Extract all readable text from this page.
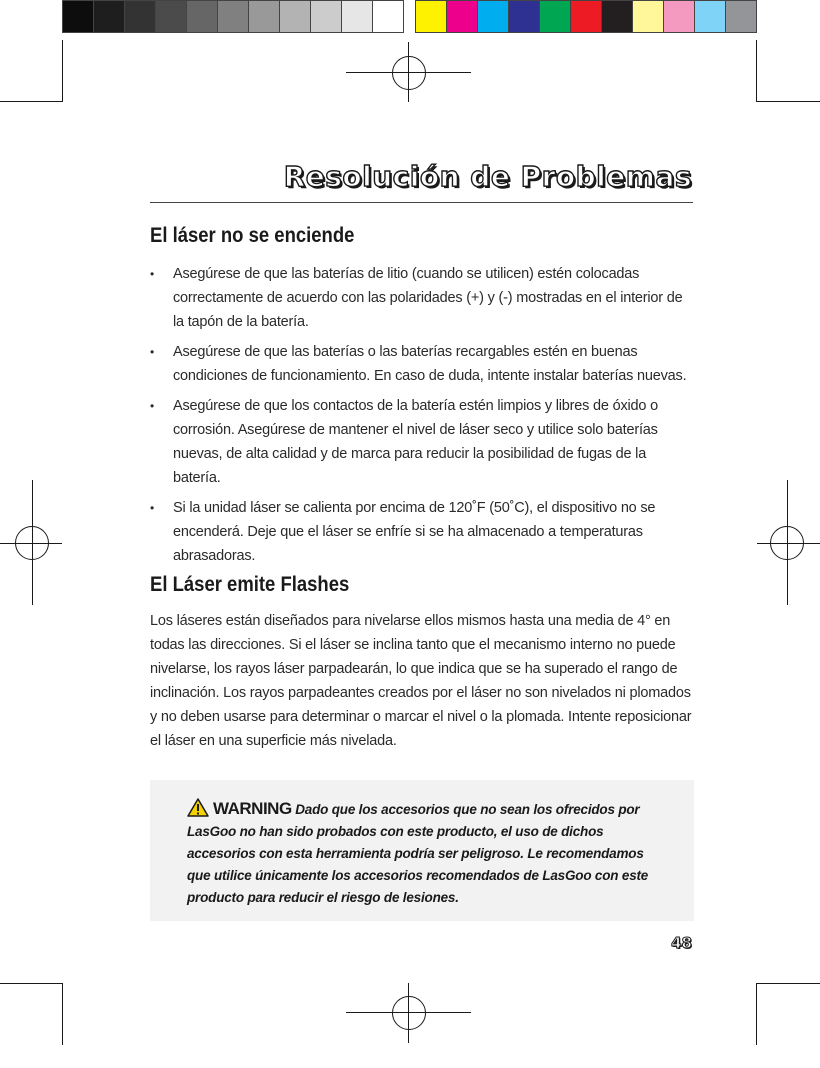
Resolución de Problemas
El láser no se enciende
• Asegúrese de que las baterías de litio (cuando se utilicen) estén colocadas correctamente de acuerdo con las polaridades (+) y (-) mostradas en el interior de la tapón de la batería.
• Asegúrese de que las baterías o las baterías recargables estén en buenas condiciones de funcionamiento. En caso de duda, intente instalar baterías nuevas.
• Asegúrese de que los contactos de la batería estén limpios y libres de óxido o corrosión. Asegúrese de mantener el nivel de láser seco y utilice solo baterías nuevas, de alta calidad y de marca para reducir la posibilidad de fugas de la batería.
• Si la unidad láser se calienta por encima de 120˚F (50˚C), el dispositivo no se encenderá. Deje que el láser se enfríe si se ha almacenado a temperaturas abrasadoras.
El Láser emite Flashes

Los láseres están diseñados para nivelarse ellos mismos hasta una media de 4° en todas las direcciones. Si el láser se inclina tanto que el mecanismo interno no puede nivelarse, los rayos láser parpadearán, lo que indica que se ha superado el rango de inclinación. Los rayos parpadeantes creados por el láser no son nivelados ni plomados y no deben usarse para determinar o marcar el nivel o la plomada. Intente reposicionar el láser en una superficie más nivelada.

WARNING Dado que los accesorios que no sean los ofrecidos por LasGoo no han sido probados con este producto, el uso de dichos accesorios con esta herramienta podría ser peligroso. Le recomendamos que utilice únicamente los accesorios recomendados de LasGoo con este producto para reducir el riesgo de lesiones.
48
